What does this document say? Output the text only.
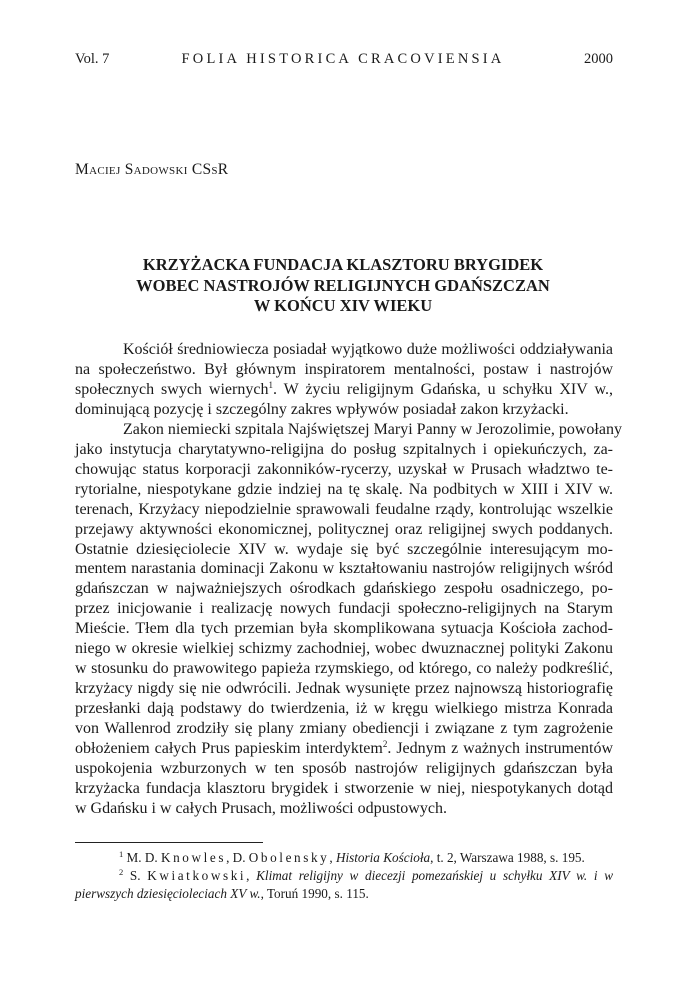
Vol. 7	FOLIA HISTORICA CRACOVIENSIA	2000
Maciej Sadowski CSsR
KRZYŻACKA FUNDACJA KLASZTORU BRYGIDEK
WOBEC NASTROJÓW RELIGIJNYCH GDAŃSZCZAN
W KOŃCU XIV WIEKU
Kościół średniowiecza posiadał wyjątkowo duże możliwości oddziaływania
na społeczeństwo. Był głównym inspiratorem mentalności, postaw i nastrojów
społecznych swych wiernych$^1$. W życiu religijnym Gdańska, u schyłku XIV w.,
dominującą pozycję i szczególny zakres wpływów posiadał zakon krzyżacki.
Zakon niemiecki szpitala Najświętszej Maryi Panny w Jerozolimie, powołany
jako instytucja charytatywno-religijna do posług szpitalnych i opiekuńczych, za-
chowując status korporacji zakonników-rycerzy, uzyskał w Prusach władztwo te-
rytorialne, niespotykane gdzie indziej na tę skalę. Na podbitych w XIII i XIV w.
terenach, Krzyżacy niepodzielnie sprawowali feudalne rządy, kontrolując wszelkie
przejawy aktywności ekonomicznej, politycznej oraz religijnej swych poddanych.
Ostatnie dziesięciolecie XIV w. wydaje się być szczególnie interesującym mo-
mentem narastania dominacji Zakonu w kształtowaniu nastrojów religijnych wśród
gdańszczan w najważniejszych ośrodkach gdańskiego zespołu osadniczego, po-
przez inicjowanie i realizację nowych fundacji społeczno-religijnych na Starym
Mieście. Tłem dla tych przemian była skomplikowana sytuacja Kościoła zachod-
niego w okresie wielkiej schizmy zachodniej, wobec dwuznacznej polityki Zakonu
w stosunku do prawowitego papieża rzymskiego, od którego, co należy podkreślić,
krzyżacy nigdy się nie odwrócili. Jednak wysunięte przez najnowszą historiografię
przesłanki dają podstawy do twierdzenia, iż w kręgu wielkiego mistrza Konrada
von Wallenrod zrodziły się plany zmiany obediencji i związane z tym zagrożenie
obłożeniem całych Prus papieskim interdyktem$^2$. Jednym z ważnych instrumentów
uspokojenia wzburzonych w ten sposób nastrojów religijnych gdańszczan była
krzyżacka fundacja klasztoru brygidek i stworzenie w niej, niespotykanych dotąd
w Gdańsku i w całych Prusach, możliwości odpustowych.
$^1$ M. D. Knowles, D. Obolensky, Historia Kościoła, t. 2, Warszawa 1988, s. 195.
$^2$ S. Kwiatkowski, Klimat religijny w diecezji pomezańskiej u schyłku XIV w. i w
pierwszych dziesięcioleciach XV w., Toruń 1990, s. 115.
